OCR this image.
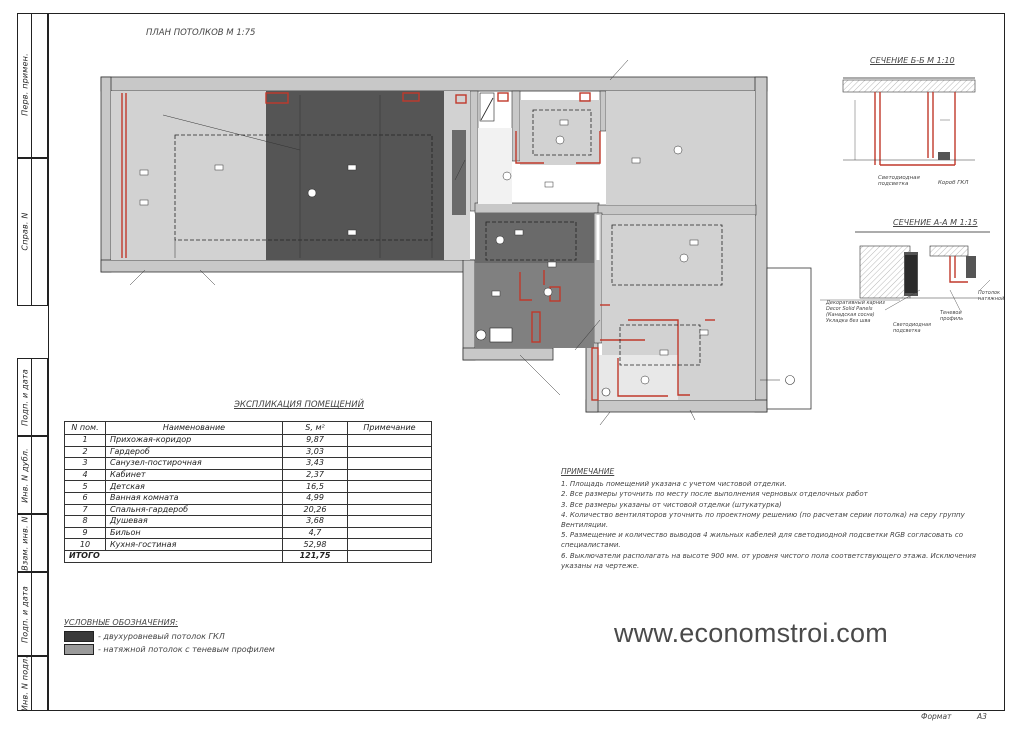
Перв. примен.
Справ. N
Подп. и дата
Инв. N дубл.
Взам. инв. N
Подп. и дата
Инв. N подл.
ПЛАН ПОТОЛКОВ М 1:75
СЕЧЕНИЕ Б-Б М 1:10
СЕЧЕНИЕ А-А М 1:15
Светодиодная подсветка	Короб ГКЛ
Декоративный карниз Decor Solid Panels (Канадская сосна) Укладка без шва
Светодиодная подсветка
Потолок натяжной
Теневой профиль
ЭКСПЛИКАЦИЯ ПОМЕЩЕНИЙ
N пом.	Наименование	S, м²	Примечание
1	Прихожая-коридор	9,87	
2	Гардероб	3,03	
3	Санузел-постирочная	3,43	
4	Кабинет	2,37	
5	Детская	16,5	
6	Ванная комната	4,99	
7	Спальня-гардероб	20,26	
8	Душевая	3,68	
9	Бильон	4,7	
10	Кухня-гостиная	52,98	
ИТОГО		121,75	
ПРИМЕЧАНИЕ
1. Площадь помещений указана с учетом чистовой отделки.
2. Все размеры уточнить по месту после выполнения черновых отделочных работ
3. Все размеры указаны от чистовой отделки (штукатурка)
4. Количество вентиляторов уточнить по проектному решению (по расчетам серии потолка) на серу группу Вентиляции.
5. Размещение и количество выводов 4 жильных кабелей для светодиодной подсветки RGB согласовать со специалистами.
6. Выключатели располагать на высоте 900 мм. от уровня чистого пола соответствующего этажа. Исключения указаны на чертеже.
УСЛОВНЫЕ ОБОЗНАЧЕНИЯ:
- двухуровневый потолок ГКЛ
- натяжной потолок с теневым профилем
www.economstroi.com
Формат	А3
